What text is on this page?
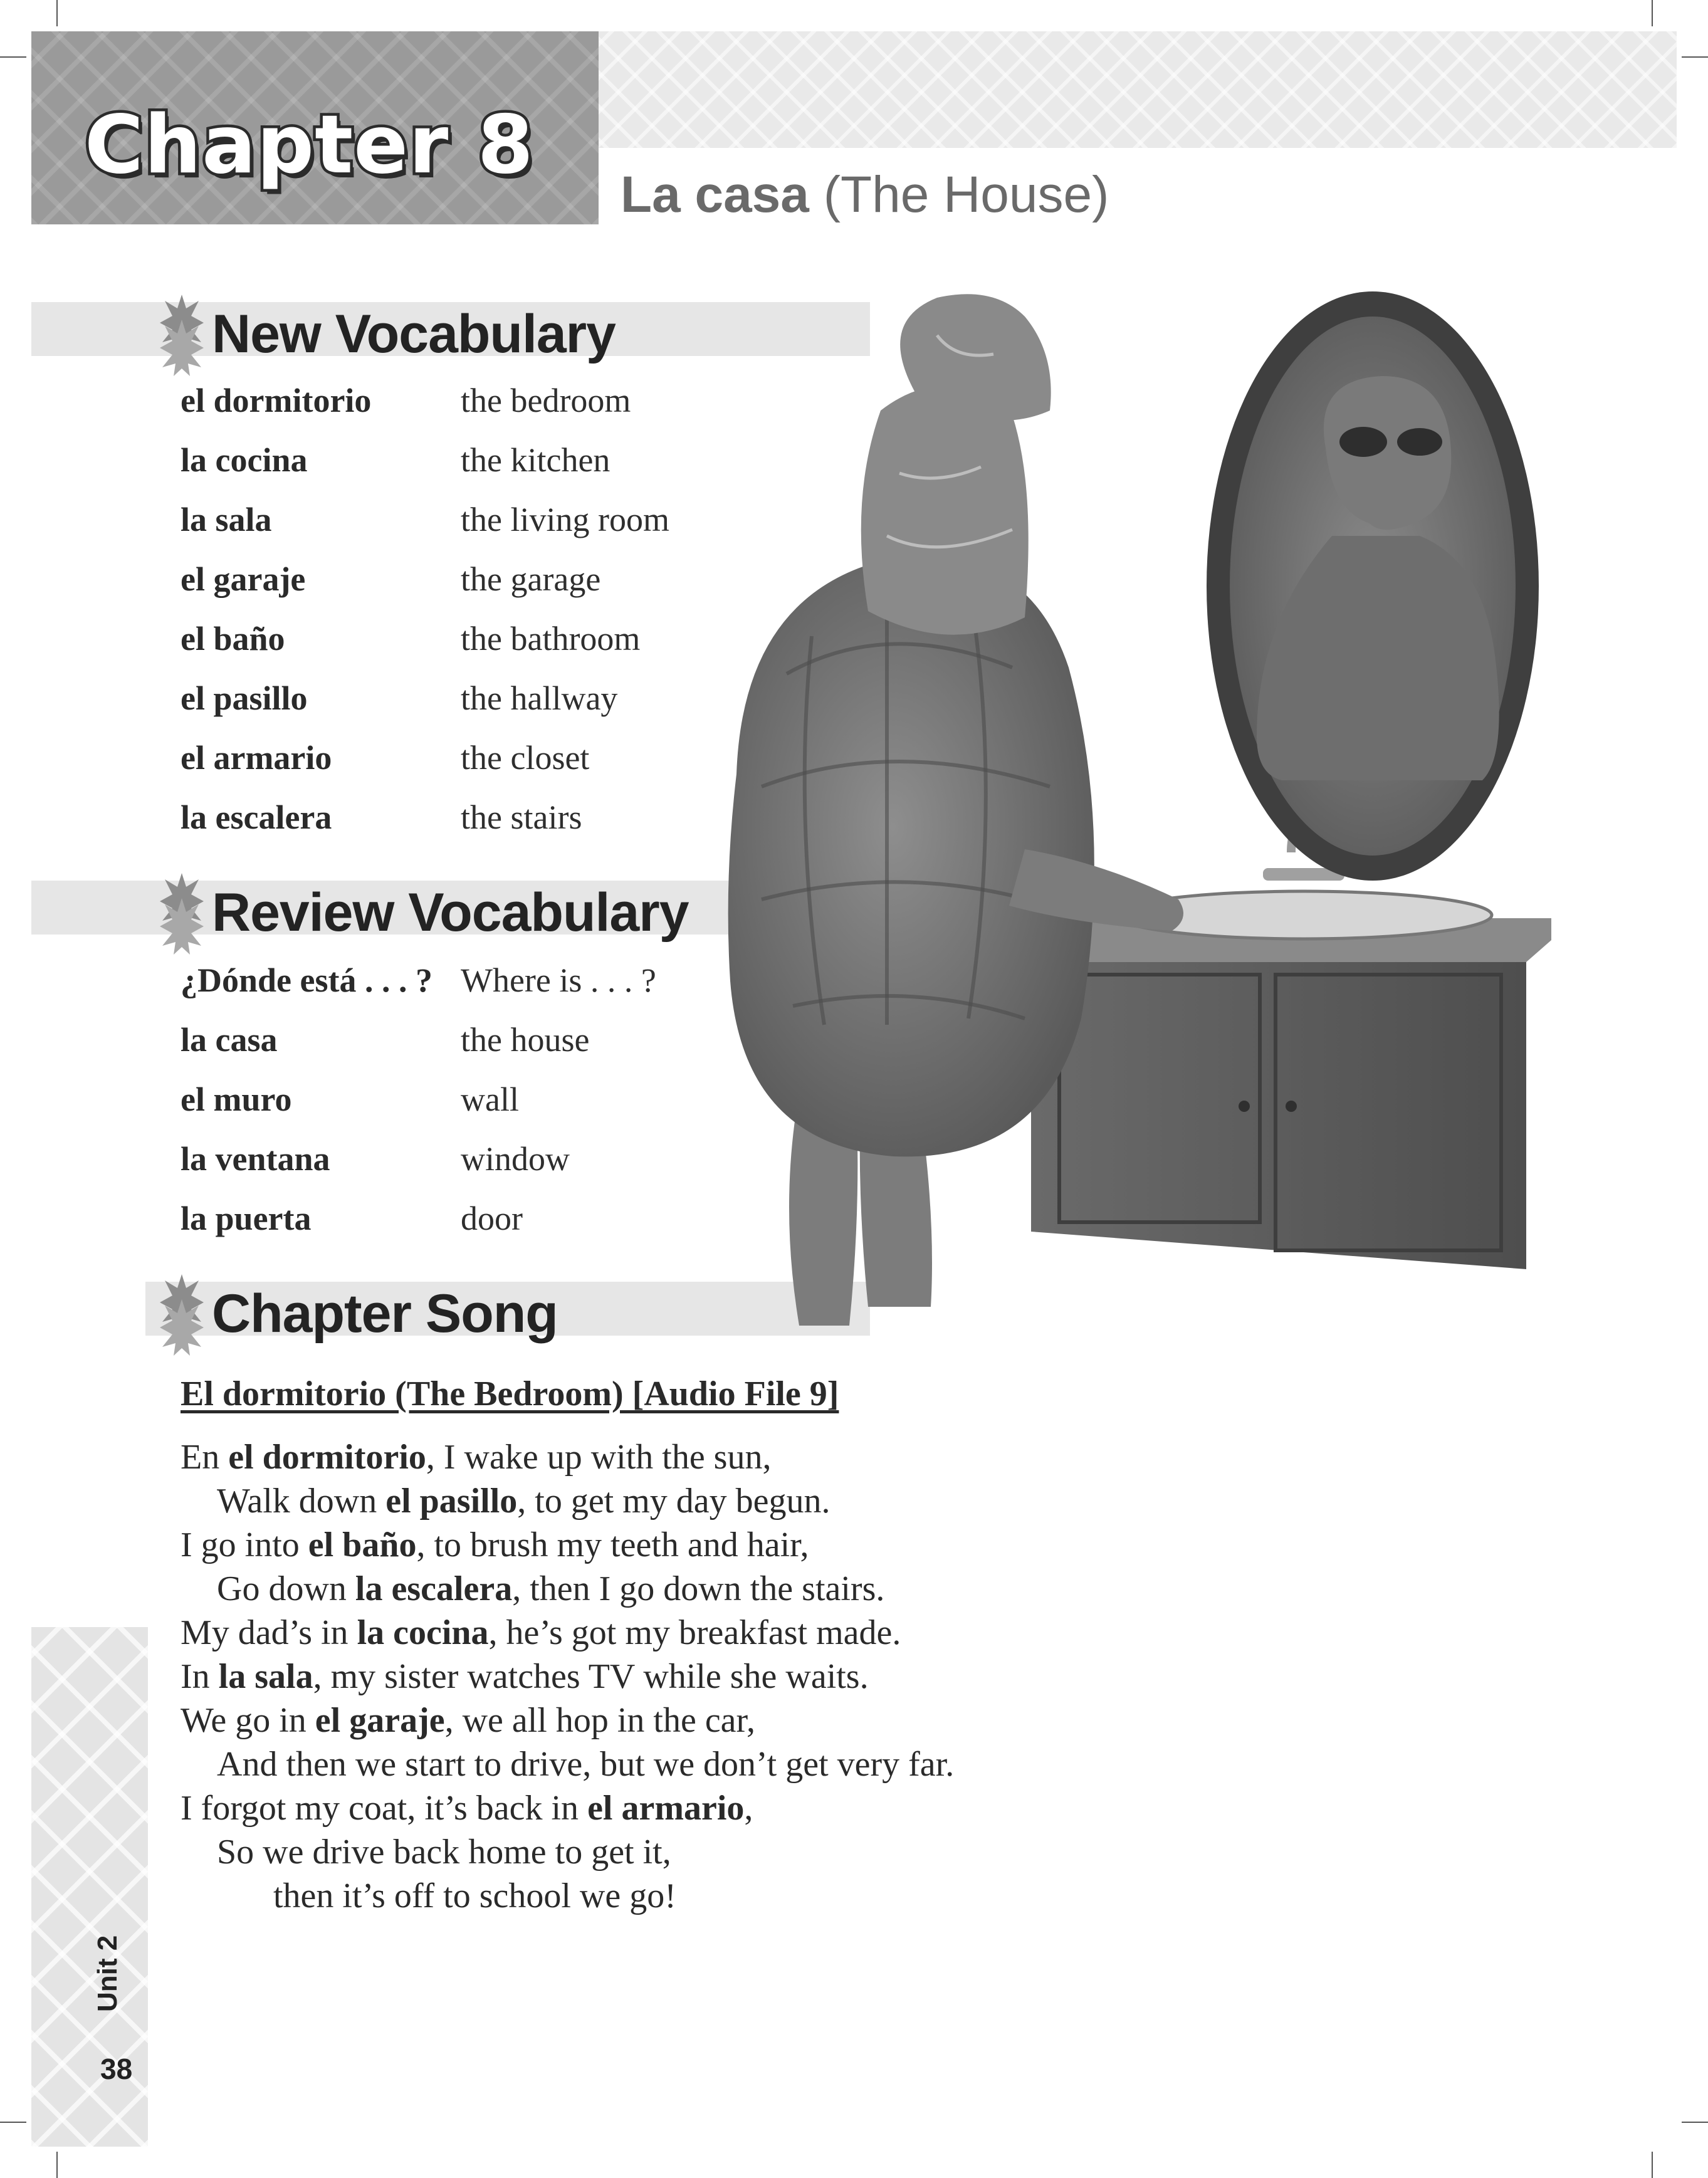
Chapter 8
La casa (The House)
New Vocabulary
el dormitorio	the bedroom
la cocina	the kitchen
la sala	the living room
el garaje	the garage
el baño	the bathroom
el pasillo	the hallway
el armario	the closet
la escalera	the stairs
Review Vocabulary
¿Dónde está . . . ? Where is . . . ?
la casa	the house
el muro	wall
la ventana	window
la puerta	door
Chapter Song
El dormitorio (The Bedroom) [Audio File 9]
En el dormitorio, I wake up with the sun,
Walk down el pasillo, to get my day begun.
I go into el baño, to brush my teeth and hair,
Go down la escalera, then I go down the stairs.
My dad’s in la cocina, he’s got my breakfast made.
In la sala, my sister watches TV while she waits.
We go in el garaje, we all hop in the car,
And then we start to drive, but we don’t get very far.
I forgot my coat, it’s back in el armario,
So we drive back home to get it,
then it’s off to school we go!
Unit 2
38
